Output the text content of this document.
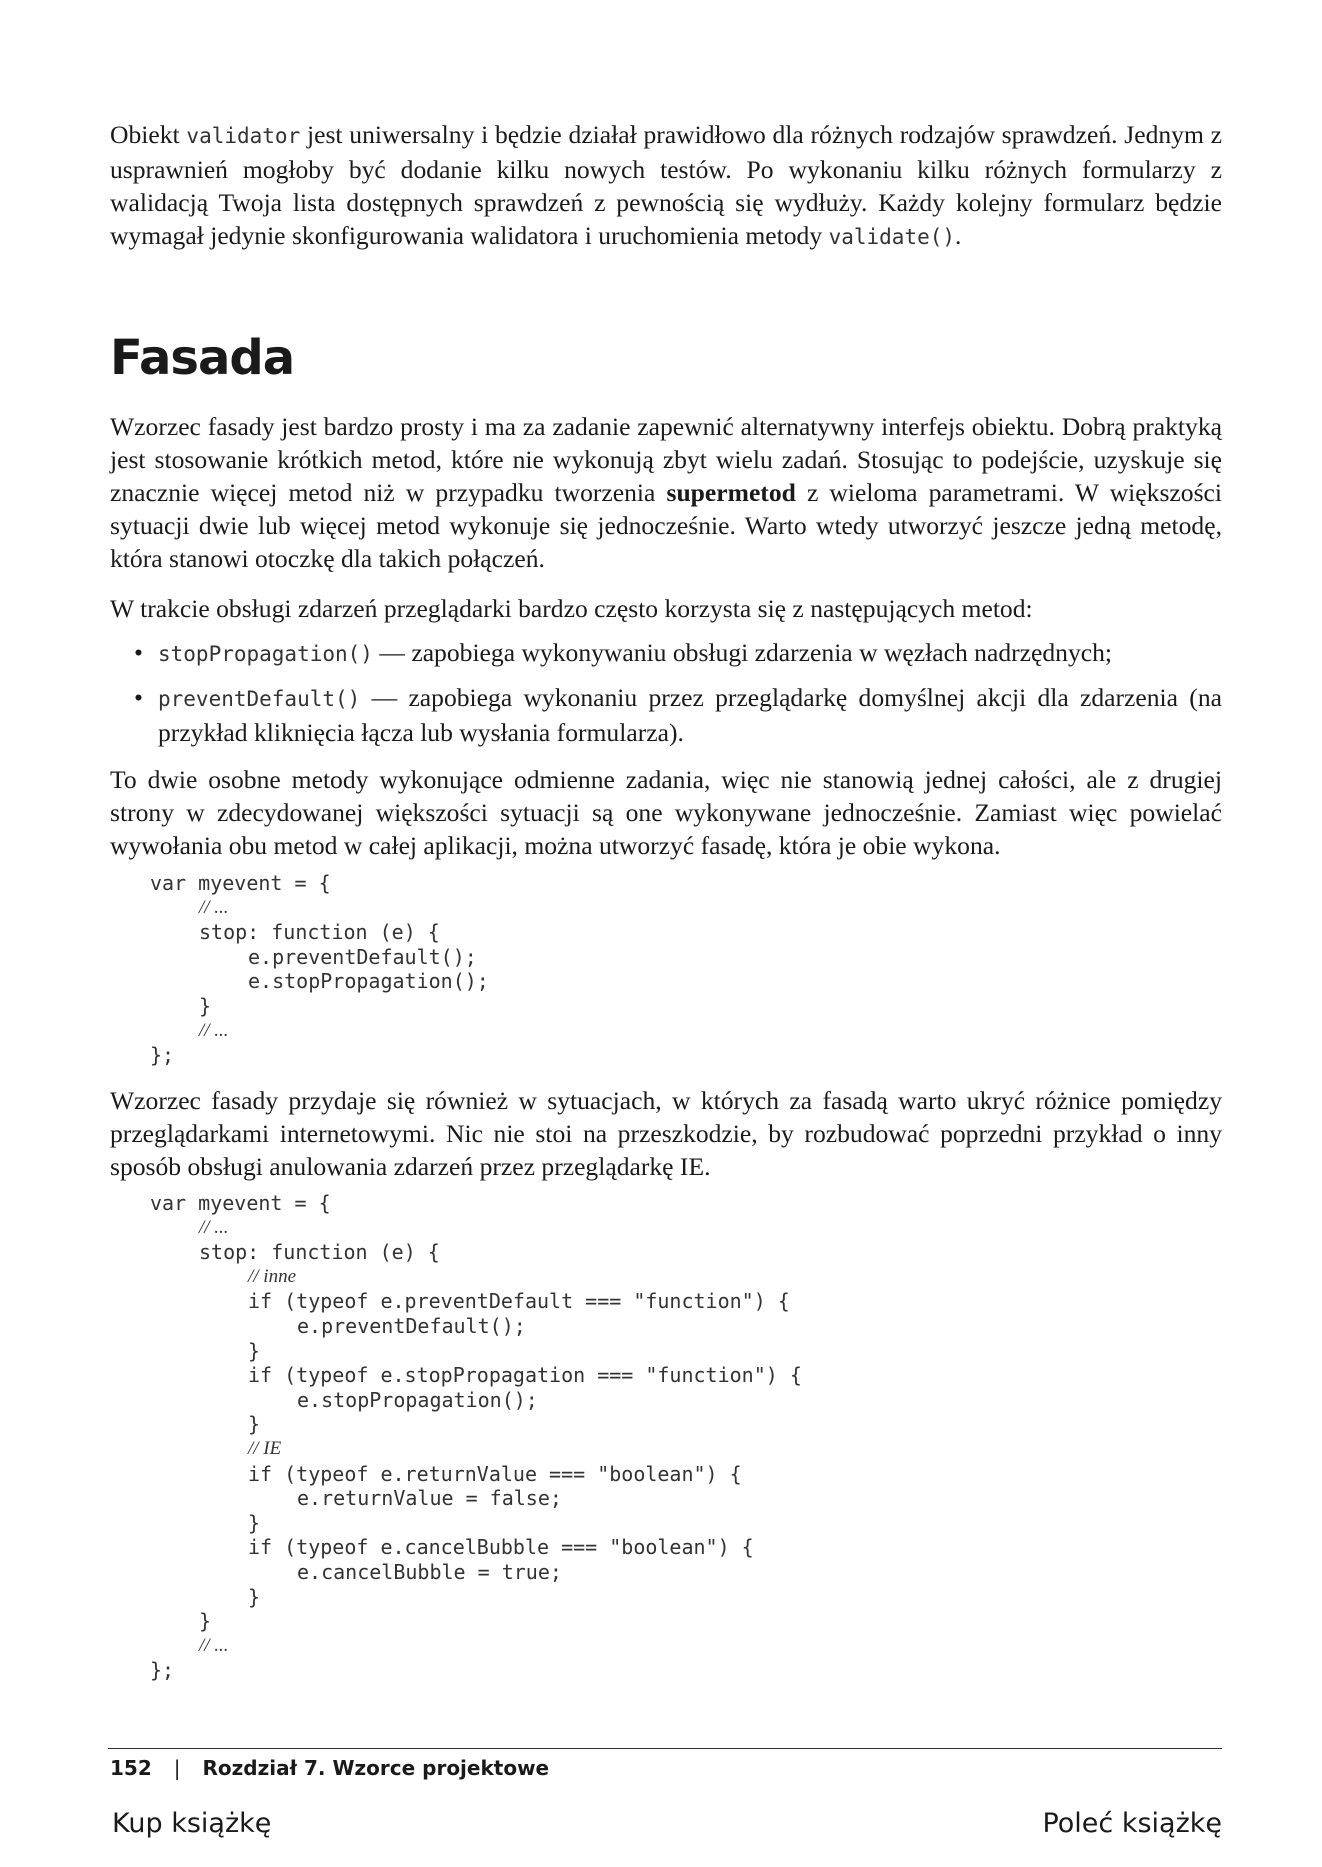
Obiekt validator jest uniwersalny i będzie działał prawidłowo dla różnych rodzajów sprawdzeń. Jednym z usprawnień mogłoby być dodanie kilku nowych testów. Po wykonaniu kilku różnych formularzy z walidacją Twoja lista dostępnych sprawdzeń z pewnością się wydłuży. Każdy kolejny formularz będzie wymagał jedynie skonfigurowania walidatora i uruchomienia metody validate().

Fasada

Wzorzec fasady jest bardzo prosty i ma za zadanie zapewnić alternatywny interfejs obiektu. Dobrą praktyką jest stosowanie krótkich metod, które nie wykonują zbyt wielu zadań. Stosując to podejście, uzyskuje się znacznie więcej metod niż w przypadku tworzenia supermetod z wieloma parametrami. W większości sytuacji dwie lub więcej metod wykonuje się jednocześnie. Warto wtedy utworzyć jeszcze jedną metodę, która stanowi otoczkę dla takich połączeń.

W trakcie obsługi zdarzeń przeglądarki bardzo często korzysta się z następujących metod:

• stopPropagation() — zapobiega wykonywaniu obsługi zdarzenia w węzłach nadrzędnych;
• preventDefault() — zapobiega wykonaniu przez przeglądarkę domyślnej akcji dla zdarzenia (na przykład kliknięcia łącza lub wysłania formularza).

To dwie osobne metody wykonujące odmienne zadania, więc nie stanowią jednej całości, ale z drugiej strony w zdecydowanej większości sytuacji są one wykonywane jednocześnie. Zamiast więc powielać wywołania obu metod w całej aplikacji, można utworzyć fasadę, która je obie wykona.

var myevent = {
// ...
stop: function (e) {
e.preventDefault();
e.stopPropagation();
}
// ...
};

Wzorzec fasady przydaje się również w sytuacjach, w których za fasadą warto ukryć różnice pomiędzy przeglądarkami internetowymi. Nic nie stoi na przeszkodzie, by rozbudować poprzedni przykład o inny sposób obsługi anulowania zdarzeń przez przeglądarkę IE.

var myevent = {
// ...
stop: function (e) {
// inne
if (typeof e.preventDefault === "function") {
e.preventDefault();
}
if (typeof e.stopPropagation === "function") {
e.stopPropagation();
}
// IE
if (typeof e.returnValue === "boolean") {
e.returnValue = false;
}
if (typeof e.cancelBubble === "boolean") {
e.cancelBubble = true;
}
}
// ...
};
152 | Rozdział 7. Wzorce projektowe
Kup książkę	Poleć książkę
